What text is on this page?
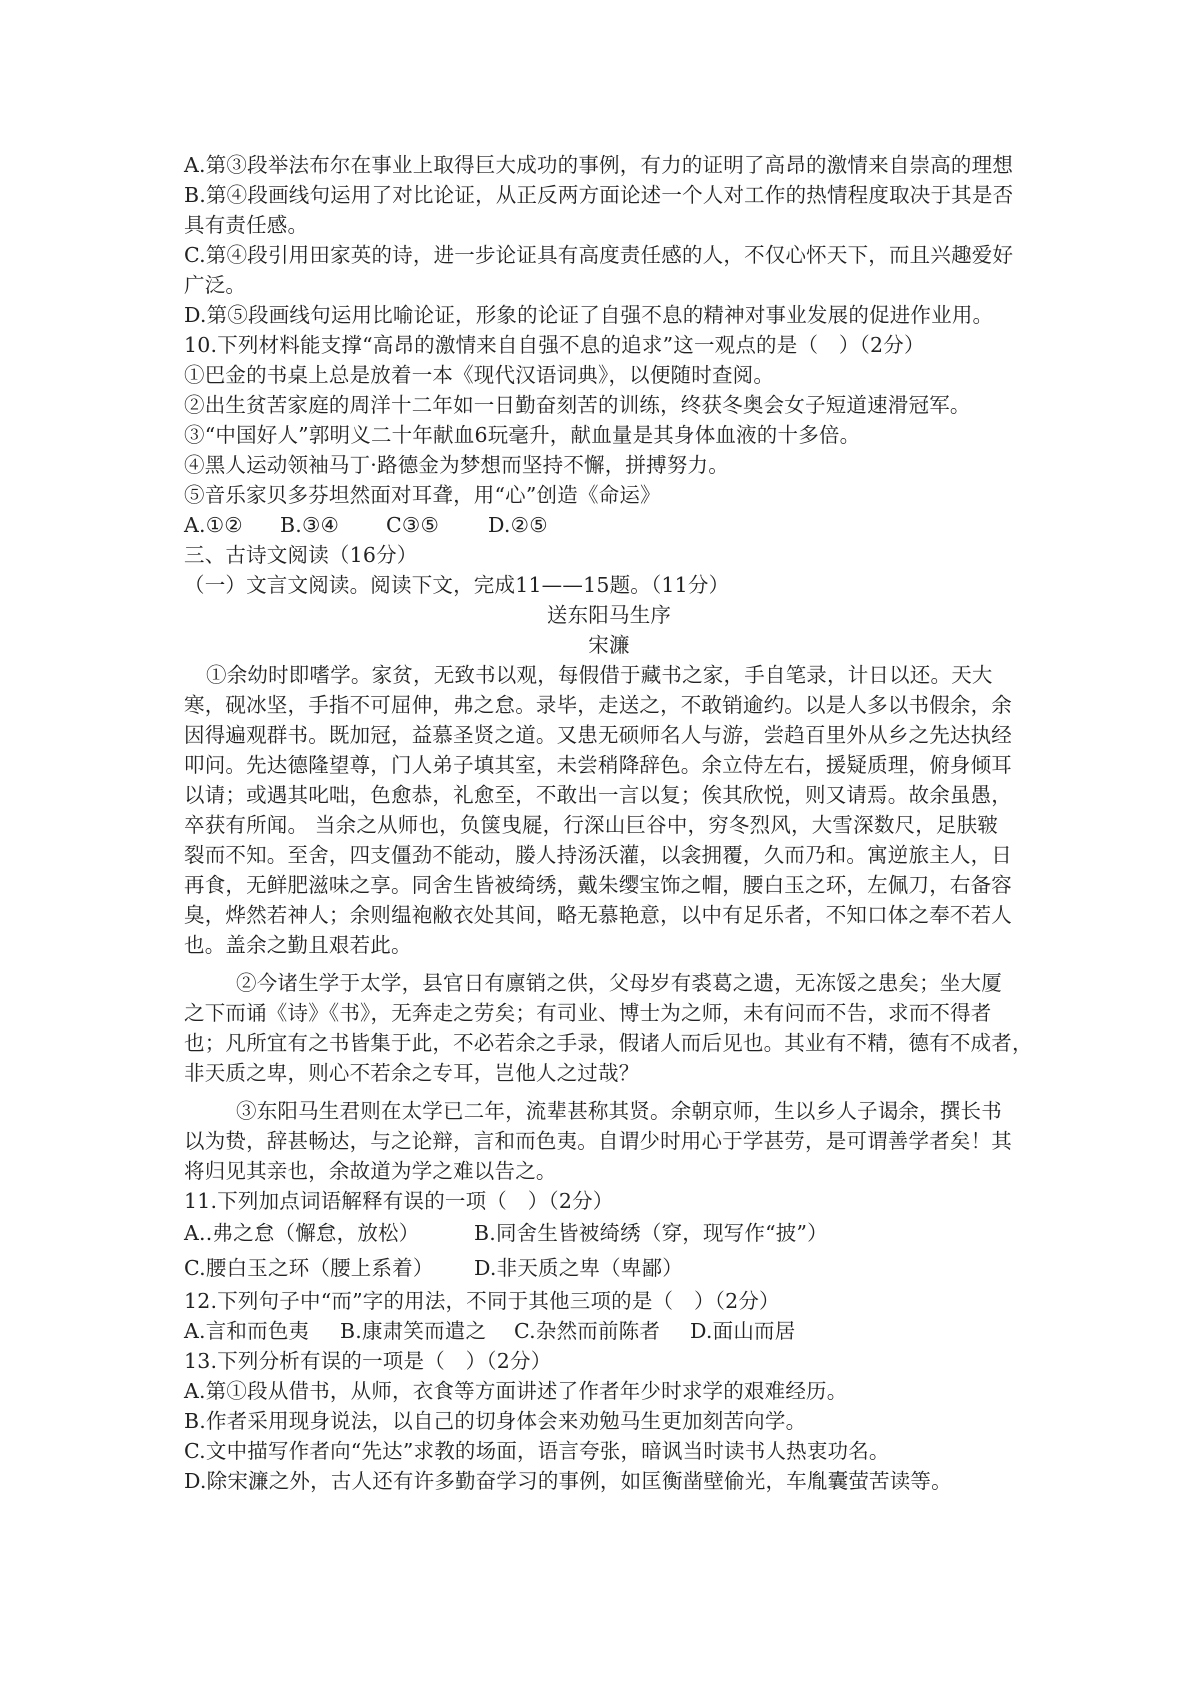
A.第③段举法布尔在事业上取得巨大成功的事例，有力的证明了高昂的激情来自崇高的理想
B.第④段画线句运用了对比论证，从正反两方面论述一个人对工作的热情程度取决于其是否
具有责任感。
C.第④段引用田家英的诗，进一步论证具有高度责任感的人，不仅心怀天下，而且兴趣爱好
广泛。
D.第⑤段画线句运用比喻论证，形象的论证了自强不息的精神对事业发展的促进作业用。
10.下列材料能支撑“高昂的激情来自自强不息的追求”这一观点的是（　）（2分）
①巴金的书桌上总是放着一本《现代汉语词典》，以便随时查阅。
②出生贫苦家庭的周洋十二年如一日勤奋刻苦的训练，终获冬奥会女子短道速滑冠军。
③“中国好人”郭明义二十年献血6玩毫升，献血量是其身体血液的十多倍。
④黑人运动领袖马丁·路德金为梦想而坚持不懈，拼搏努力。
⑤音乐家贝多芬坦然面对耳聋，用“心”创造《命运》
A.①② B.③④ C③⑤ D.②⑤
三、古诗文阅读（16分）
（一）文言文阅读。阅读下文，完成11——15题。（11分）
送东阳马生序
宋濂
①余幼时即嗜学。家贫，无致书以观，每假借于藏书之家，手自笔录，计日以还。天大
寒，砚冰坚，手指不可屈伸，弗之怠。录毕，走送之，不敢销逾约。以是人多以书假余，余
因得遍观群书。既加冠，益慕圣贤之道。又患无硕师名人与游，尝趋百里外从乡之先达执经
叩问。先达德隆望尊，门人弟子填其室，未尝稍降辞色。余立侍左右，援疑质理，俯身倾耳
以请；或遇其叱咄，色愈恭，礼愈至，不敢出一言以复；俟其欣悦，则又请焉。故余虽愚，
卒获有所闻。 当余之从师也，负箧曳屣，行深山巨谷中，穷冬烈风，大雪深数尺，足肤皲
裂而不知。至舍，四支僵劲不能动，媵人持汤沃灌，以衾拥覆，久而乃和。寓逆旅主人，日
再食，无鲜肥滋味之享。同舍生皆被绮绣，戴朱缨宝饰之帽，腰白玉之环，左佩刀，右备容
臭，烨然若神人；余则缊袍敝衣处其间，略无慕艳意，以中有足乐者，不知口体之奉不若人
也。盖余之勤且艰若此。
②今诸生学于太学，县官日有廪销之供，父母岁有裘葛之遗，无冻馁之患矣；坐大厦
之下而诵《诗》《书》，无奔走之劳矣；有司业、博士为之师，未有问而不告，求而不得者
也；凡所宜有之书皆集于此，不必若余之手录，假诸人而后见也。其业有不精，德有不成者，
非天质之卑，则心不若余之专耳，岂他人之过哉？
③东阳马生君则在太学已二年，流辈甚称其贤。余朝京师，生以乡人子谒余，撰长书
以为贽，辞甚畅达，与之论辩，言和而色夷。自谓少时用心于学甚劳，是可谓善学者矣！其
将归见其亲也，余故道为学之难以告之。
11.下列加点词语解释有误的一项（　）（2分）
A..弗之怠（懈怠，放松）	B.同舍生皆被绮绣（穿，现写作“披”）
C.腰白玉之环（腰上系着） D.非天质之卑（卑鄙）
12.下列句子中“而”字的用法，不同于其他三项的是（　）（2分）
A.言和而色夷 B.康肃笑而遣之 C.杂然而前陈者 D.面山而居
13.下列分析有误的一项是（　）（2分）
A.第①段从借书，从师，衣食等方面讲述了作者年少时求学的艰难经历。
B.作者采用现身说法，以自己的切身体会来劝勉马生更加刻苦向学。
C.文中描写作者向“先达”求教的场面，语言夸张，暗讽当时读书人热衷功名。
D.除宋濂之外，古人还有许多勤奋学习的事例，如匡衡凿壁偷光，车胤囊萤苦读等。
